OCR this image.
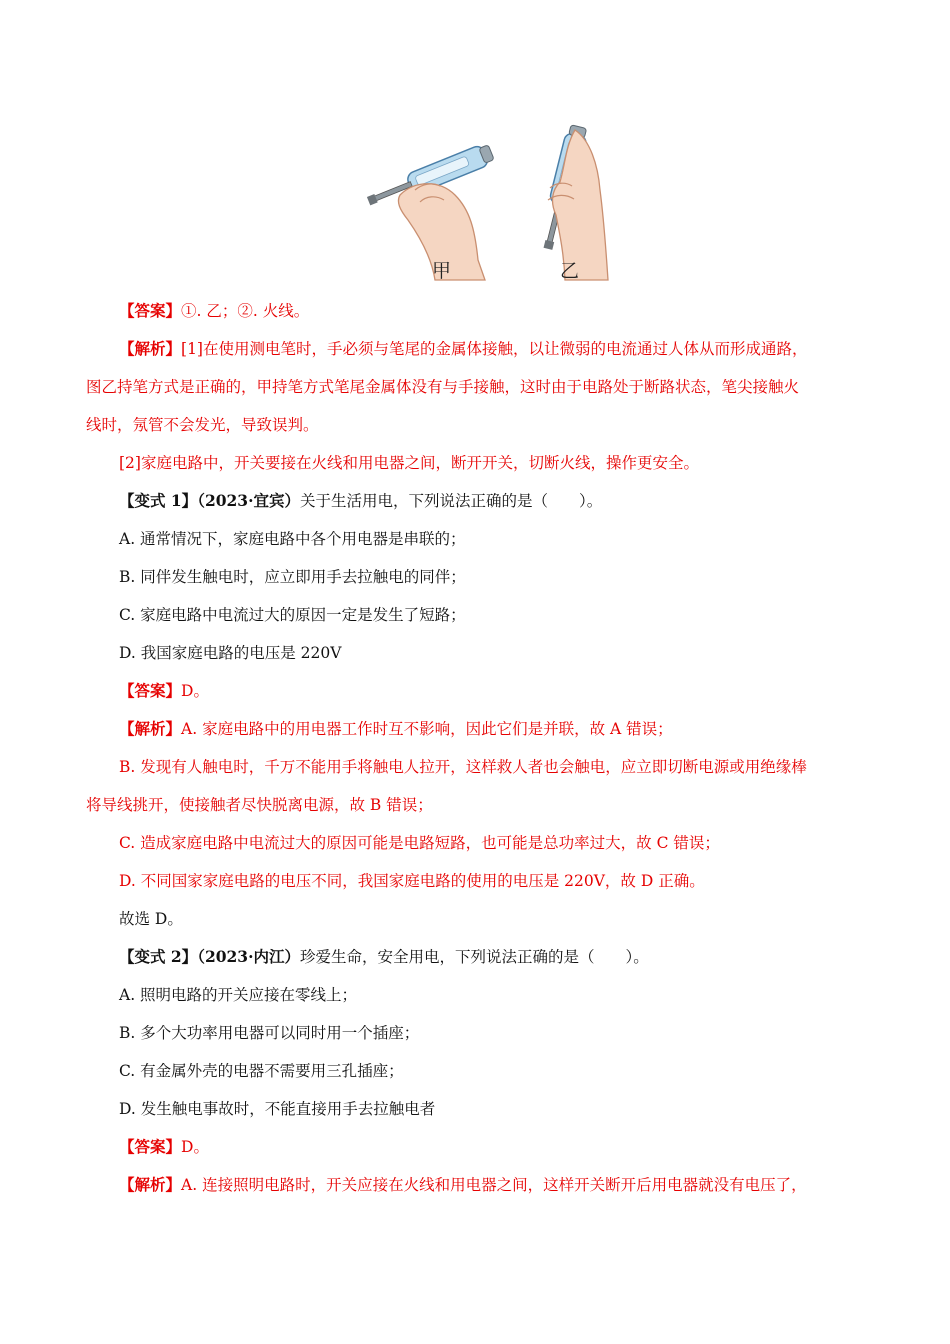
甲	乙
【答案】①. 乙；②. 火线。
【解析】[1]在使用测电笔时，手必须与笔尾的金属体接触，以让微弱的电流通过人体从而形成通路，
图乙持笔方式是正确的，甲持笔方式笔尾金属体没有与手接触，这时由于电路处于断路状态，笔尖接触火
线时，氖管不会发光，导致误判。
[2]家庭电路中，开关要接在火线和用电器之间，断开开关，切断火线，操作更安全。
【变式 1】（2023·宜宾）关于生活用电，下列说法正确的是（　　）。
A. 通常情况下，家庭电路中各个用电器是串联的；
B. 同伴发生触电时，应立即用手去拉触电的同伴；
C. 家庭电路中电流过大的原因一定是发生了短路；
D. 我国家庭电路的电压是 220V
【答案】D。
【解析】A. 家庭电路中的用电器工作时互不影响，因此它们是并联，故 A 错误；
B. 发现有人触电时，千万不能用手将触电人拉开，这样救人者也会触电，应立即切断电源或用绝缘棒
将导线挑开，使接触者尽快脱离电源，故 B 错误；
C. 造成家庭电路中电流过大的原因可能是电路短路，也可能是总功率过大，故 C 错误；
D. 不同国家家庭电路的电压不同，我国家庭电路的使用的电压是 220V，故 D 正确。
故选 D。
【变式 2】（2023·内江）珍爱生命，安全用电，下列说法正确的是（　　）。
A. 照明电路的开关应接在零线上；
B. 多个大功率用电器可以同时用一个插座；
C. 有金属外壳的电器不需要用三孔插座；
D. 发生触电事故时，不能直接用手去拉触电者
【答案】D。
【解析】A. 连接照明电路时，开关应接在火线和用电器之间，这样开关断开后用电器就没有电压了，
